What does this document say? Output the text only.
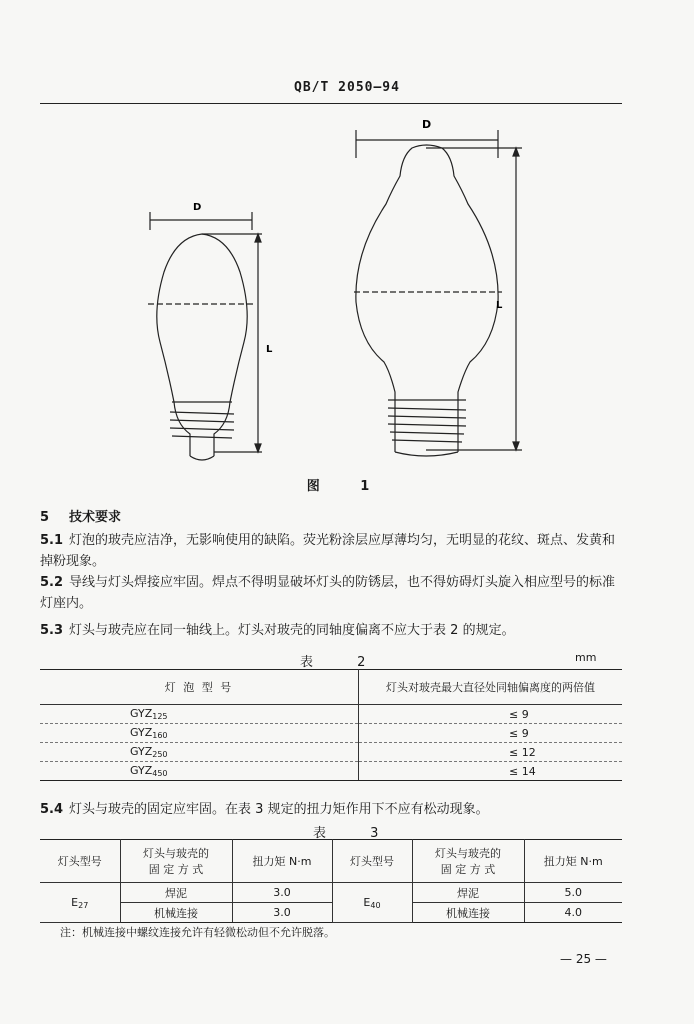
QB/T 2050—94
D
L
D
L
图 1
5 技术要求
5.1 灯泡的玻壳应洁净，无影响使用的缺陷。荧光粉涂层应厚薄均匀，无明显的花纹、斑点、发黄和掉粉现象。
5.2 导线与灯头焊接应牢固。焊点不得明显破坏灯头的防锈层，也不得妨碍灯头旋入相应型号的标准灯座内。
5.3 灯头与玻壳应在同一轴线上。灯头对玻壳的同轴度偏离不应大于表 2 的规定。
表 2	mm
灯 泡 型 号	灯头对玻壳最大直径处同轴偏离度的两倍值
$GYZ_{125}$	≤ 9
$GYZ_{160}$	≤ 9
$GYZ_{250}$	≤ 12
$GYZ_{450}$	≤ 14
5.4 灯头与玻壳的固定应牢固。在表 3 规定的扭力矩作用下不应有松动现象。
表 3
灯头型号	灯头与玻壳的固 定 方 式	扭力矩 N·m	灯头型号	灯头与玻壳的固 定 方 式	扭力矩 N·m
$E_{27}$	焊泥	3.0	$E_{40}$	焊泥	5.0
	机械连接	3.0		机械连接	4.0
注：机械连接中螺纹连接允许有轻微松动但不允许脱落。
— 25 —
